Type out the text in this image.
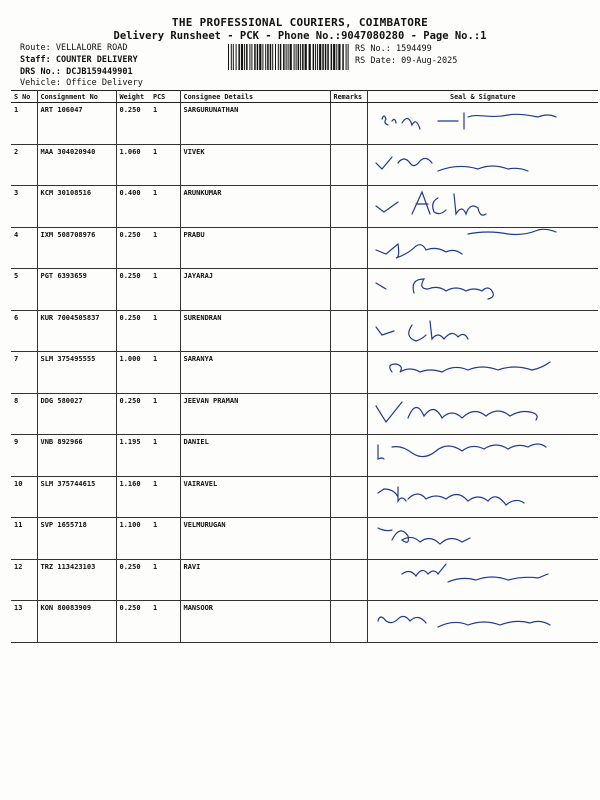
THE PROFESSIONAL COURIERS, COIMBATORE
Delivery Runsheet - PCK - Phone No.:9047080280 - Page No.:1
Route: VELLALORE ROAD
Staff: COUNTER DELIVERY
DRS No.: DCJB159449901
Vehicle: Office Delivery
RS No.: 1594499
RS Date: 09-Aug-2025
S No	Consignment No	Weight	PCS	Consignee Details	Remarks	Seal & Signature
1	ART 106047	0.250	1	SARGURUNATHAN		

2	MAA 304020940	1.060	1	VIVEK		

3	KCM 30108516	0.400	1	ARUNKUMAR		

4	IXM 508708976	0.250	1	PRABU		

5	PGT 6393659	0.250	1	JAYARAJ		

6	KUR 7004505837	0.250	1	SURENDRAN		

7	SLM 375495555	1.000	1	SARANYA		

8	DDG 580027	0.250	1	JEEVAN PRAMAN		

9	VNB 892966	1.195	1	DANIEL		

10	SLM 375744615	1.160	1	VAIRAVEL		

11	SVP 1655718	1.100	1	VELMURUGAN		

12	TRZ 113423103	0.250	1	RAVI		

13	KON 80083909	0.250	1	MANSOOR		
